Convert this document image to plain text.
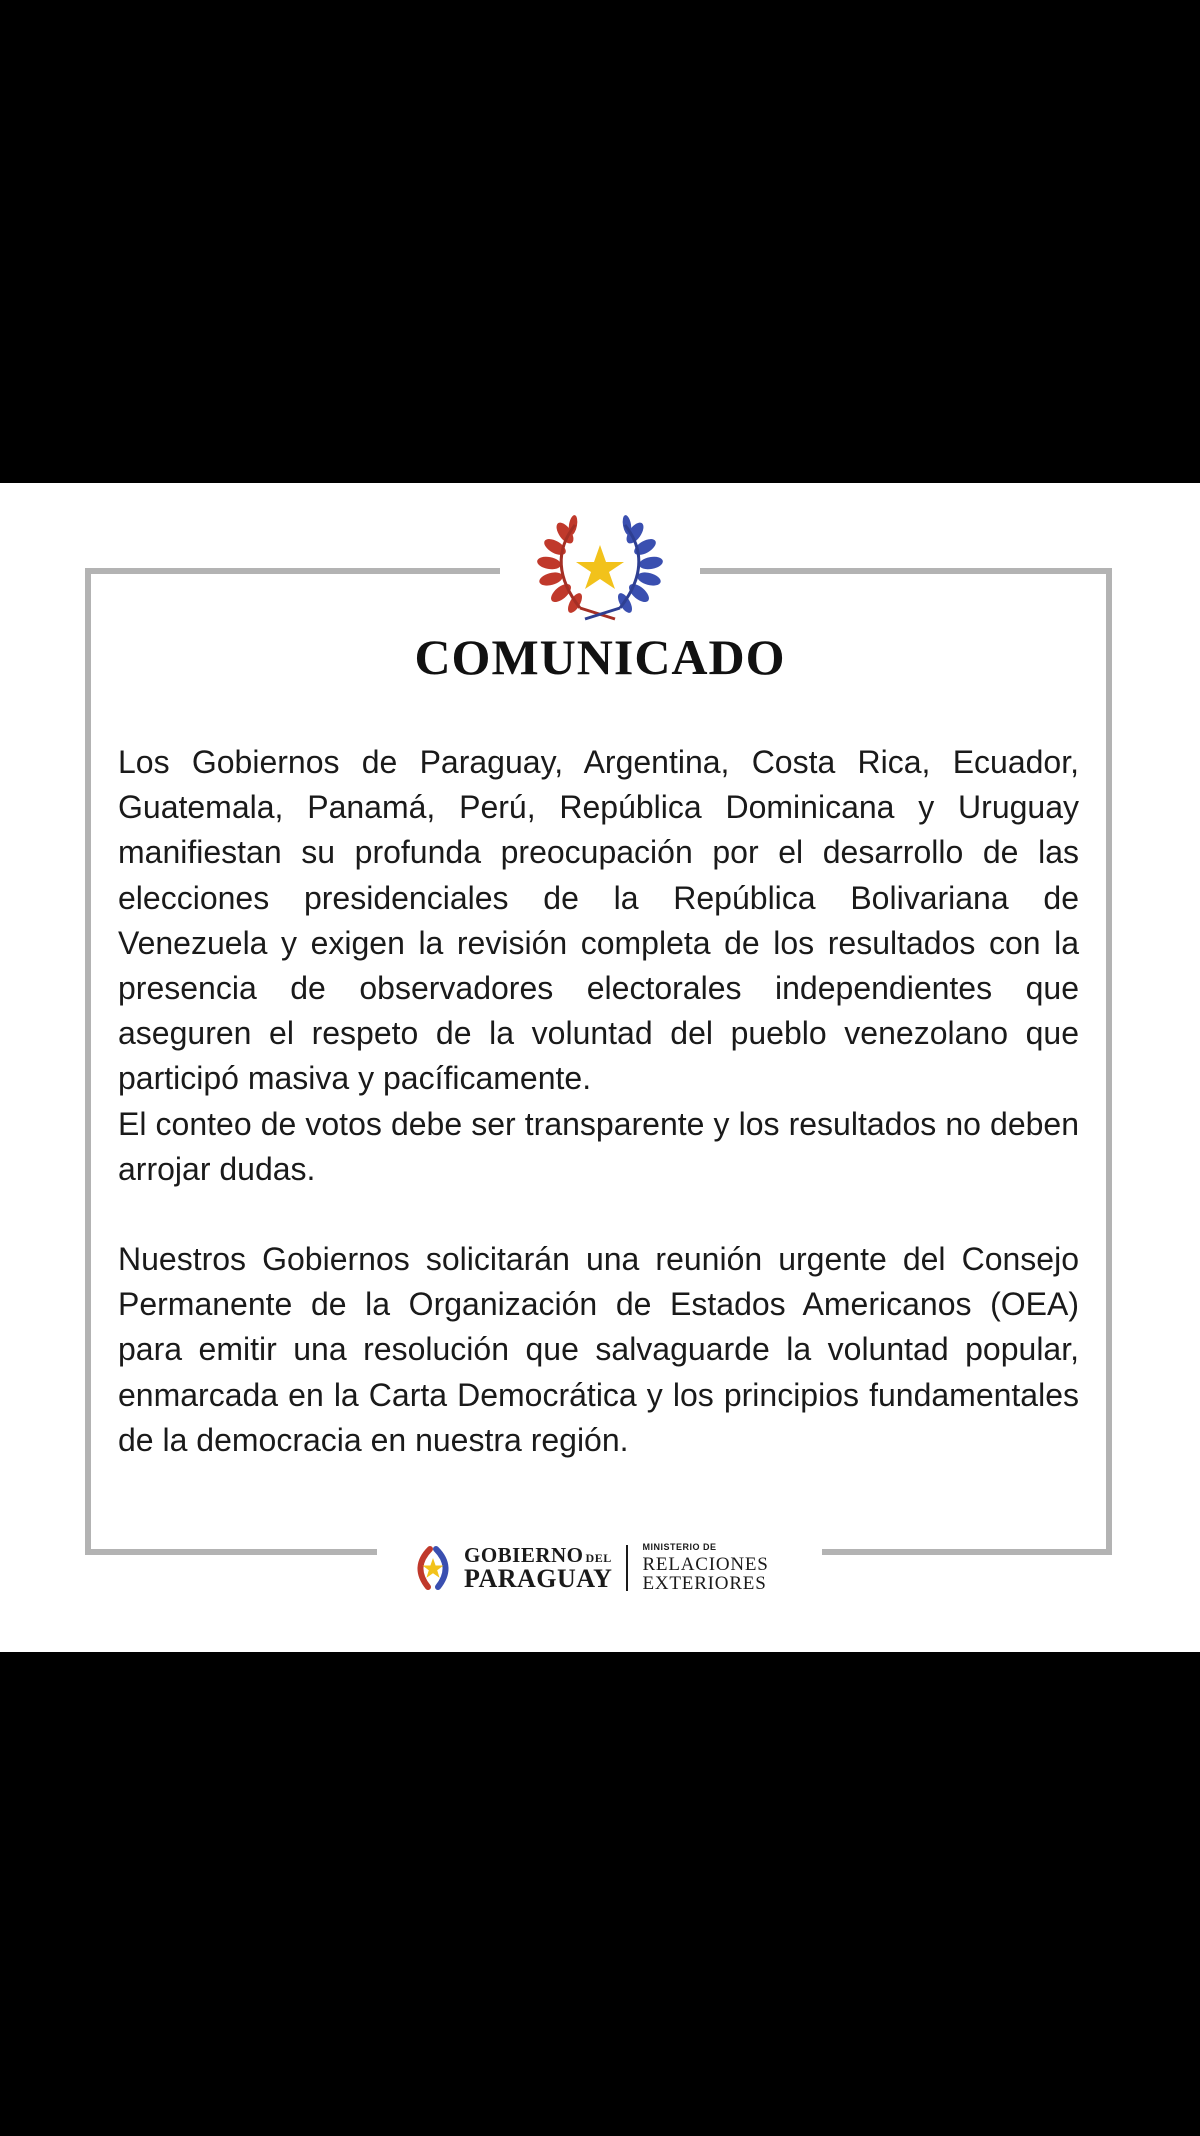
COMUNICADO

Los Gobiernos de Paraguay, Argentina, Costa Rica, Ecuador, Guatemala, Panamá, Perú, República Dominicana y Uruguay manifiestan su profunda preocupación por el desarrollo de las elecciones presidenciales de la República Bolivariana de Venezuela y exigen la revisión completa de los resultados con la presencia de observadores electorales independientes que aseguren el respeto de la voluntad del pueblo venezolano que participó masiva y pacíficamente.

El conteo de votos debe ser transparente y los resultados no deben arrojar dudas.

Nuestros Gobiernos solicitarán una reunión urgente del Consejo Permanente de la Organización de Estados Americanos (OEA) para emitir una resolución que salvaguarde la voluntad popular, enmarcada en la Carta Democrática y los principios fundamentales de la democracia en nuestra región.

GOBIERNO DEL
PARAGUAY
MINISTERIO DE
RELACIONES
EXTERIORES
